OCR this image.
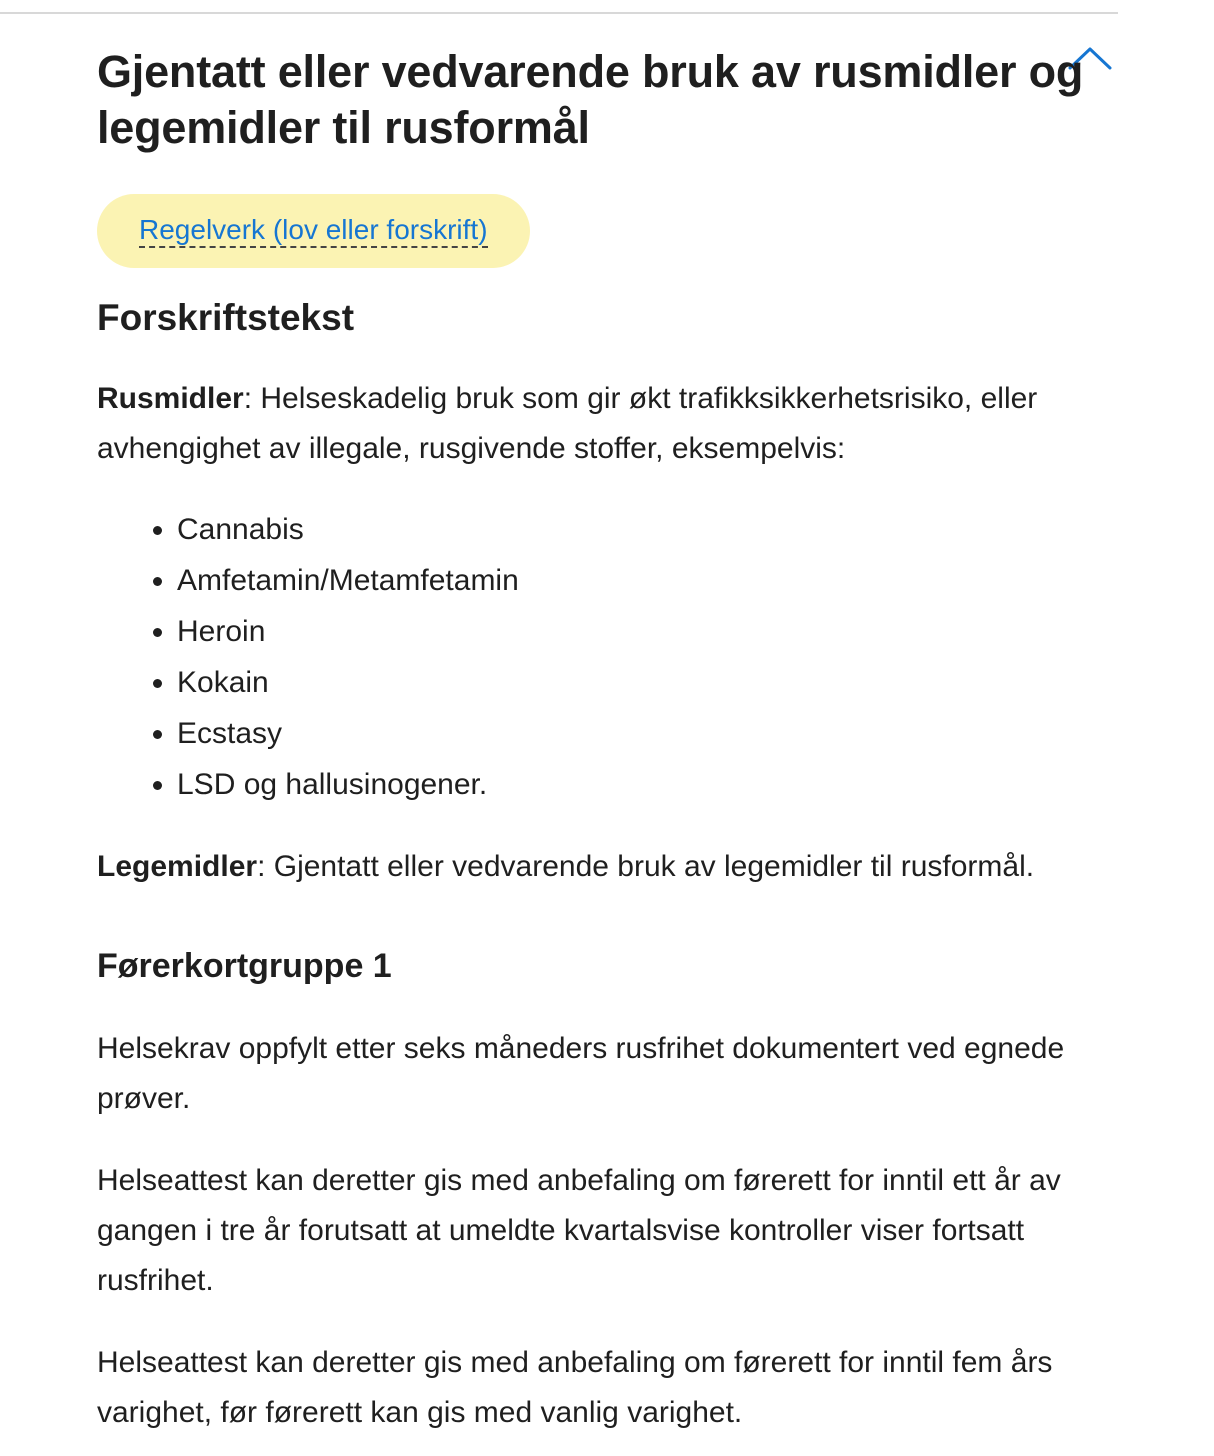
Gjentatt eller vedvarende bruk av rusmidler og legemidler til rusformål
Regelverk (lov eller forskrift)
Forskriftstekst

Rusmidler: Helseskadelig bruk som gir økt trafikksikkerhetsrisiko, eller avhengighet av illegale, rusgivende stoffer, eksempelvis:

• Cannabis
• Amfetamin/Metamfetamin
• Heroin
• Kokain
• Ecstasy
• LSD og hallusinogener.

Legemidler: Gjentatt eller vedvarende bruk av legemidler til rusformål.

Førerkortgruppe 1

Helsekrav oppfylt etter seks måneders rusfrihet dokumentert ved egnede prøver.

Helseattest kan deretter gis med anbefaling om førerett for inntil ett år av gangen i tre år forutsatt at umeldte kvartalsvise kontroller viser fortsatt rusfrihet.

Helseattest kan deretter gis med anbefaling om førerett for inntil fem års varighet, før førerett kan gis med vanlig varighet.
